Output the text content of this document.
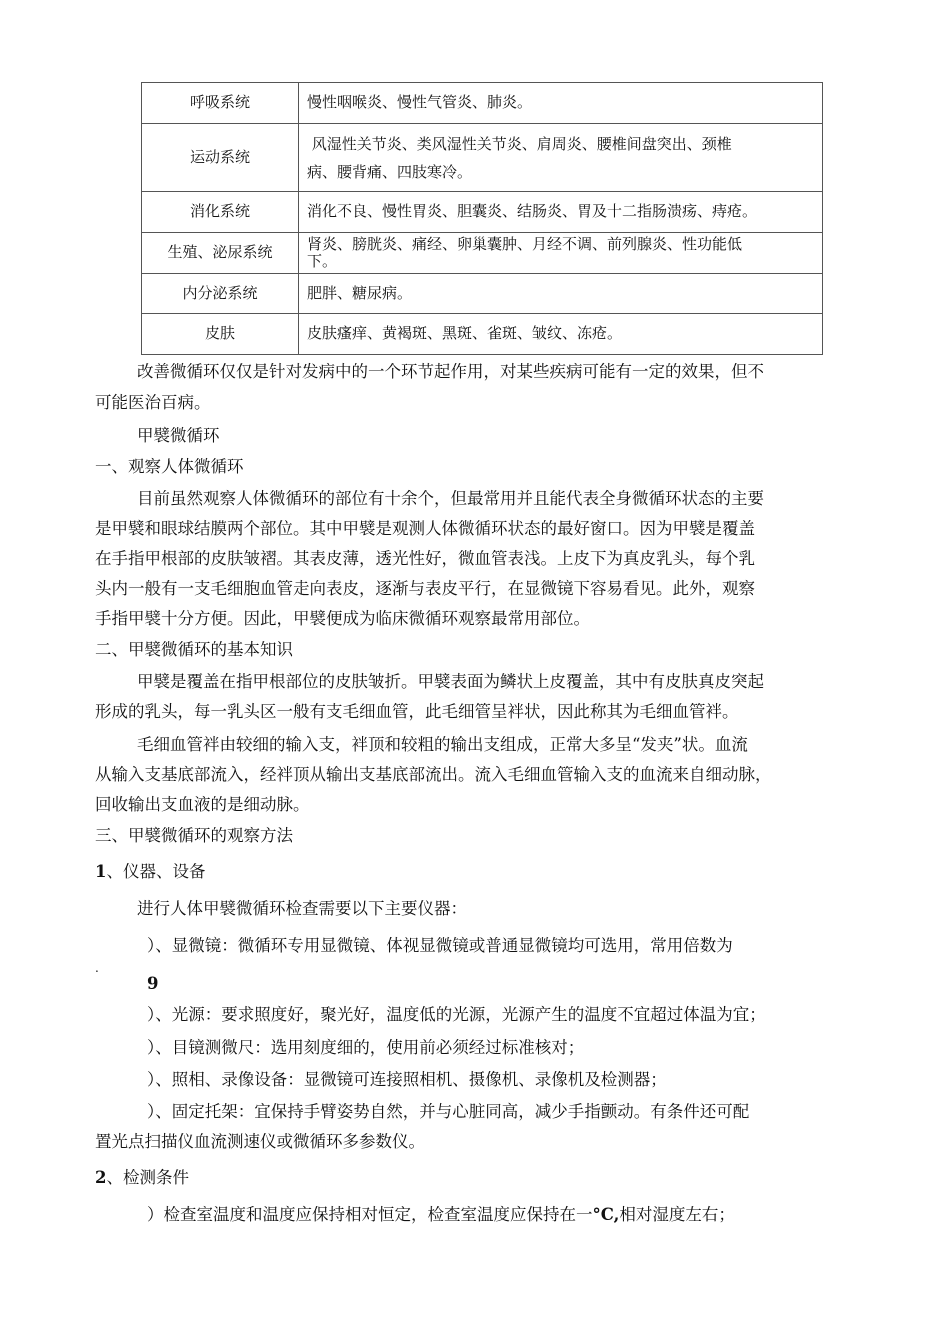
呼吸系统	慢性咽喉炎、慢性气管炎、肺炎。
运动系统	风湿性关节炎、类风湿性关节炎、肩周炎、腰椎间盘突出、颈椎
病、腰背痛、四肢寒冷。
消化系统	消化不良、慢性胃炎、胆囊炎、结肠炎、胃及十二指肠溃疡、痔疮。
生殖、泌尿系统	肾炎、膀胱炎、痛经、卵巢囊肿、月经不调、前列腺炎、性功能低
下。
内分泌系统	肥胖、糖尿病。
皮肤	皮肤瘙痒、黄褐斑、黑斑、雀斑、皱纹、冻疮。
改善微循环仅仅是针对发病中的一个环节起作用，对某些疾病可能有一定的效果，但不
可能医治百病。
甲襞微循环
一、观察人体微循环
目前虽然观察人体微循环的部位有十余个，但最常用并且能代表全身微循环状态的主要
是甲襞和眼球结膜两个部位。其中甲襞是观测人体微循环状态的最好窗口。因为甲襞是覆盖
在手指甲根部的皮肤皱褶。其表皮薄，透光性好，微血管表浅。上皮下为真皮乳头，每个乳
头内一般有一支毛细胞血管走向表皮，逐渐与表皮平行，在显微镜下容易看见。此外，观察
手指甲襞十分方便。因此，甲襞便成为临床微循环观察最常用部位。
二、甲襞微循环的基本知识
甲襞是覆盖在指甲根部位的皮肤皱折。甲襞表面为鳞状上皮覆盖，其中有皮肤真皮突起
形成的乳头，每一乳头区一般有支毛细血管，此毛细管呈袢状，因此称其为毛细血管袢。
毛细血管袢由较细的输入支，袢顶和较粗的输出支组成，正常大多呈“发夹”状。血流
从输入支基底部流入，经袢顶从输出支基底部流出。流入毛细血管输入支的血流来自细动脉，
回收输出支血液的是细动脉。
三、甲襞微循环的观察方法
1、仪器、设备
进行人体甲襞微循环检查需要以下主要仪器：
）、显微镜：微循环专用显微镜、体视显微镜或普通显微镜均可选用，常用倍数为
.
9
）、光源：要求照度好，聚光好，温度低的光源，光源产生的温度不宜超过体温为宜；
）、目镜测微尺：选用刻度细的，使用前必须经过标准核对；
）、照相、录像设备：显微镜可连接照相机、摄像机、录像机及检测器；
）、固定托架：宜保持手臂姿势自然，并与心脏同高，减少手指颤动。有条件还可配
置光点扫描仪血流测速仪或微循环多参数仪。
2、检测条件
）检查室温度和温度应保持相对恒定，检查室温度应保持在一°C,相对湿度左右；
